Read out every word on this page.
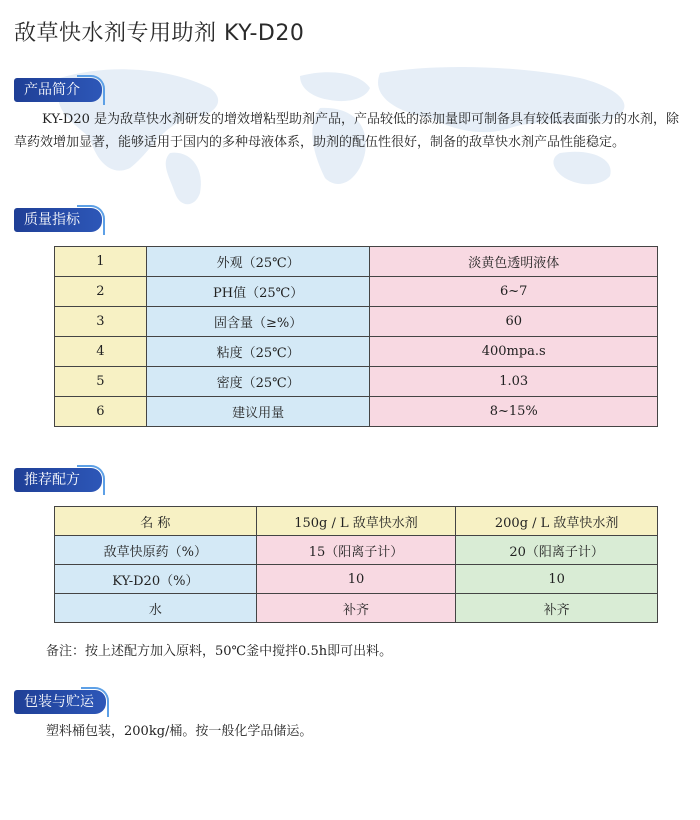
敌草快水剂专用助剂 KY-D20
产品简介
KY-D20 是为敌草快水剂研发的增效增粘型助剂产品，产品较低的添加量即可制备具有较低表面张力的水剂，除草药效增加显著，能够适用于国内的多种母液体系，助剂的配伍性很好，制备的敌草快水剂产品性能稳定。
质量指标
1	外观（25℃）	淡黄色透明液体
2	PH值（25℃）	6~7
3	固含量（≥%）	60
4	粘度（25℃）	400mpa.s
5	密度（25℃）	1.03
6	建议用量	8~15%
推荐配方
名 称	150g / L 敌草快水剂	200g / L 敌草快水剂
敌草快原药（%）	15（阳离子计）	20（阳离子计）
KY-D20（%）	10	10
水	补齐	补齐
备注：按上述配方加入原料，50℃釜中搅拌0.5h即可出料。
包装与贮运
塑料桶包装，200kg/桶。按一般化学品储运。
